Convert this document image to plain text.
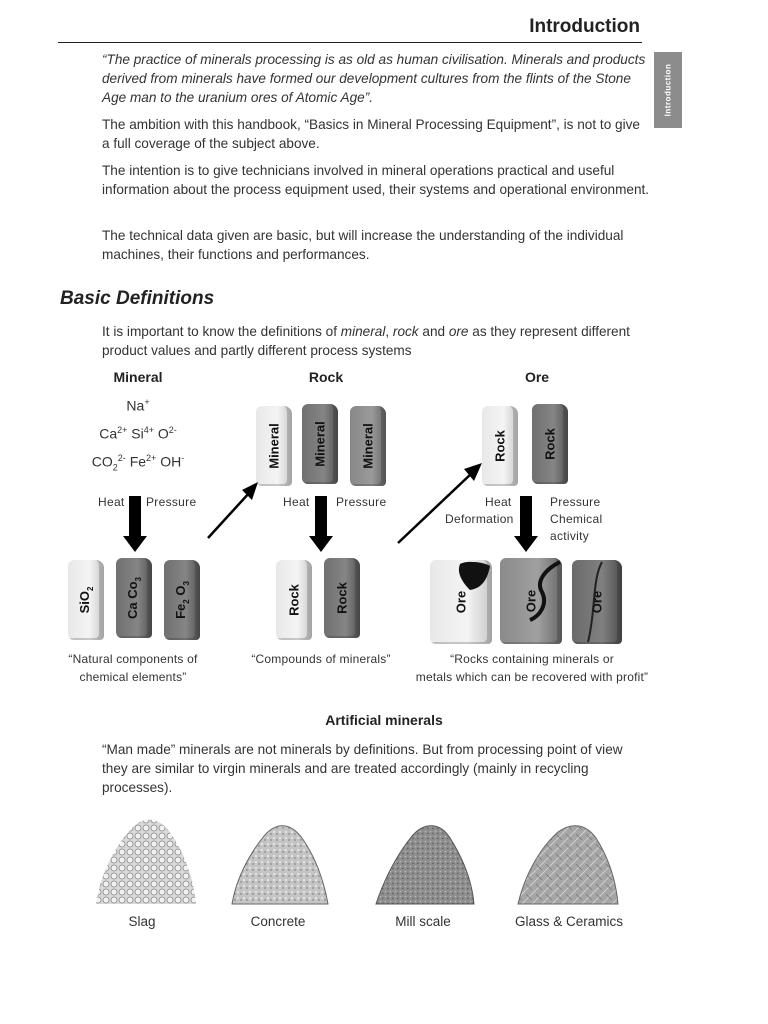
Introduction
Introduction
“The practice of minerals processing is as old as human civilisation. Minerals and products derived from minerals have formed our development cultures from the flints of the Stone Age man to the uranium ores of Atomic Age”.
The ambition with this handbook, “Basics in Mineral Processing Equipment”, is not to give a full coverage of the subject above.
The intention is to give technicians involved in mineral operations practical and useful information about the process equipment used, their systems and operational environment.
The technical data given are basic, but will increase the understanding of the individual machines, their functions and performances.
Basic Definitions
It is important to know the definitions of mineral, rock and ore as they represent different product values and partly different process systems
Mineral	Rock	Ore
Na+
$Ca^{2+}$ $Si^{4+}$ $O^{2-}$
$CO_2^{2-}$ $Fe^{2+}$ OH-	Mineral Mineral	Mineral	Rock	Rock
Heat Pressure	Heat Pressure	Heat
Deformation
Pressure
Chemical
activity
SiO$_2$ Ca $Co_3$
$Fe_2$ $O_3$
Rock	Rock	Ore	Ore	Ore
“Natural components of
chemical elements”
“Compounds of minerals”	“Rocks containing minerals or
metals which can be recovered with profit”
Artificial minerals
“Man made” minerals are not minerals by definitions. But from processing point of view they are similar to virgin minerals and are treated accordingly (mainly in recycling processes).
Slag	Concrete	Mill scale	Glass & Ceramics
